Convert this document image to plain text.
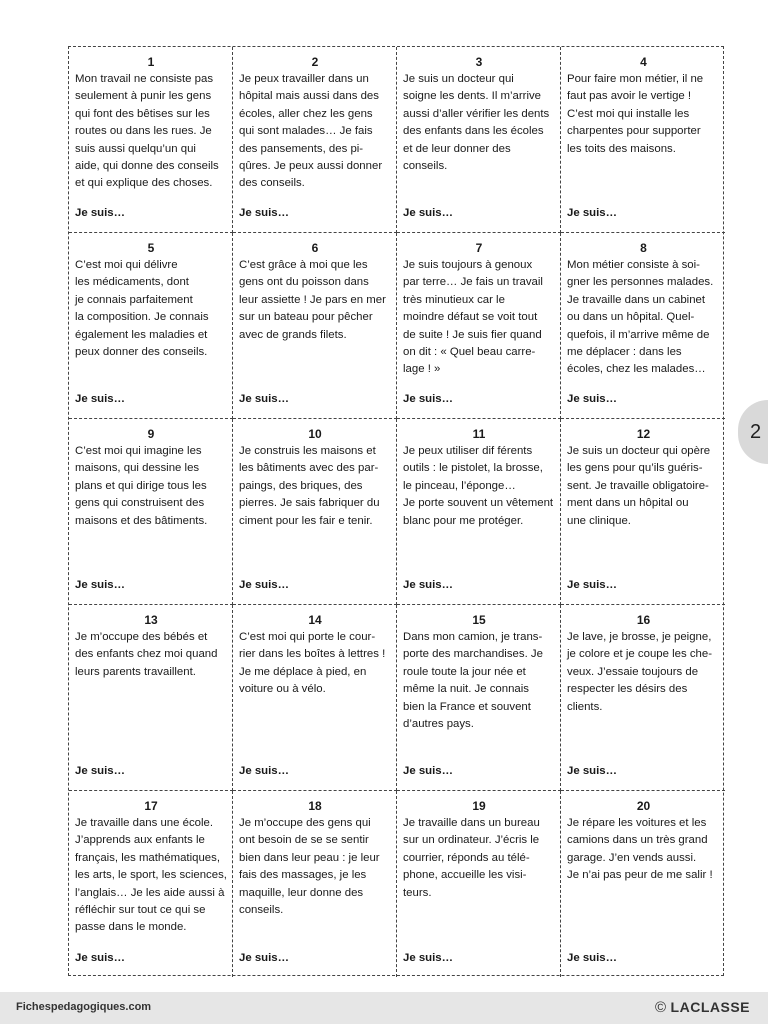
1
Mon travail ne consiste pas
seulement à punir les gens
qui font des bêtises sur les
routes ou dans les rues. Je
suis aussi quelqu’un qui
aide, qui donne des conseils
et qui explique des choses.
Je suis…
2
Je peux travailler dans un
hôpital mais aussi dans des
écoles, aller chez les gens
qui sont malades… Je fais
des pansements, des pi-
qûres. Je peux aussi donner
des conseils.
Je suis…
3
Je suis un docteur qui
soigne les dents. Il m’arrive
aussi d’aller vérifier les dents
des enfants dans les écoles
et de leur donner des
conseils.
Je suis…
4
Pour faire mon métier, il ne
faut pas avoir le vertige !
C’est moi qui installe les
charpentes pour supporter
les toits des maisons.
Je suis…
5
C’est moi qui délivre
les médicaments, dont
je connais parfaitement
la composition. Je connais
également les maladies et
peux donner des conseils.
Je suis…
6
C’est grâce à moi que les
gens ont du poisson dans
leur assiette ! Je pars en mer
sur un bateau pour pêcher
avec de grands filets.
Je suis…
7
Je suis toujours à genoux
par terre… Je fais un travail
très minutieux car le
moindre défaut se voit tout
de suite ! Je suis fier quand
on dit : « Quel beau carre-
lage ! »
Je suis…
8
Mon métier consiste à soi-
gner les personnes malades.
Je travaille dans un cabinet
ou dans un hôpital. Quel-
quefois, il m’arrive même de
me déplacer : dans les
écoles, chez les malades…
Je suis…
9
C’est moi qui imagine les
maisons, qui dessine les
plans et qui dirige tous les
gens qui construisent des
maisons et des bâtiments.
Je suis…
10
Je construis les maisons et
les bâtiments avec des par-
paings, des briques, des
pierres. Je sais fabriquer du
ciment pour les fair e tenir.
Je suis…
11
Je peux utiliser dif férents
outils : le pistolet, la brosse,
le pinceau, l’éponge…
Je porte souvent un vêtement
blanc pour me protéger.
Je suis…
12
Je suis un docteur qui opère
les gens pour qu’ils guéris-
sent. Je travaille obligatoire-
ment dans un hôpital ou
une clinique.
Je suis…
13
Je m’occupe des bébés et
des enfants chez moi quand
leurs parents travaillent.
Je suis…
14
C’est moi qui porte le cour-
rier dans les boîtes à lettres !
Je me déplace à pied, en
voiture ou à vélo.
Je suis…
15
Dans mon camion, je trans-
porte des marchandises. Je
roule toute la jour née et
même la nuit. Je connais
bien la France et souvent
d’autres pays.
Je suis…
16
Je lave, je brosse, je peigne,
je colore et je coupe les che-
veux. J’essaie toujours de
respecter les désirs des
clients.
Je suis…
17
Je travaille dans une école.
J’apprends aux enfants le
français, les mathématiques,
les arts, le sport, les sciences,
l’anglais… Je les aide aussi à
réfléchir sur tout ce qui se
passe dans le monde.
Je suis…
18
Je m’occupe des gens qui
ont besoin de se se sentir
bien dans leur peau : je leur
fais des massages, je les
maquille, leur donne des
conseils.
Je suis…
19
Je travaille dans un bureau
sur un ordinateur. J’écris le
courrier, réponds au télé-
phone, accueille les visi-
teurs.
Je suis…
20
Je répare les voitures et les
camions dans un très grand
garage. J’en vends aussi.
Je n’ai pas peur de me salir !
Je suis…
2
Fichespedagogiques.com	© LACLASSE
